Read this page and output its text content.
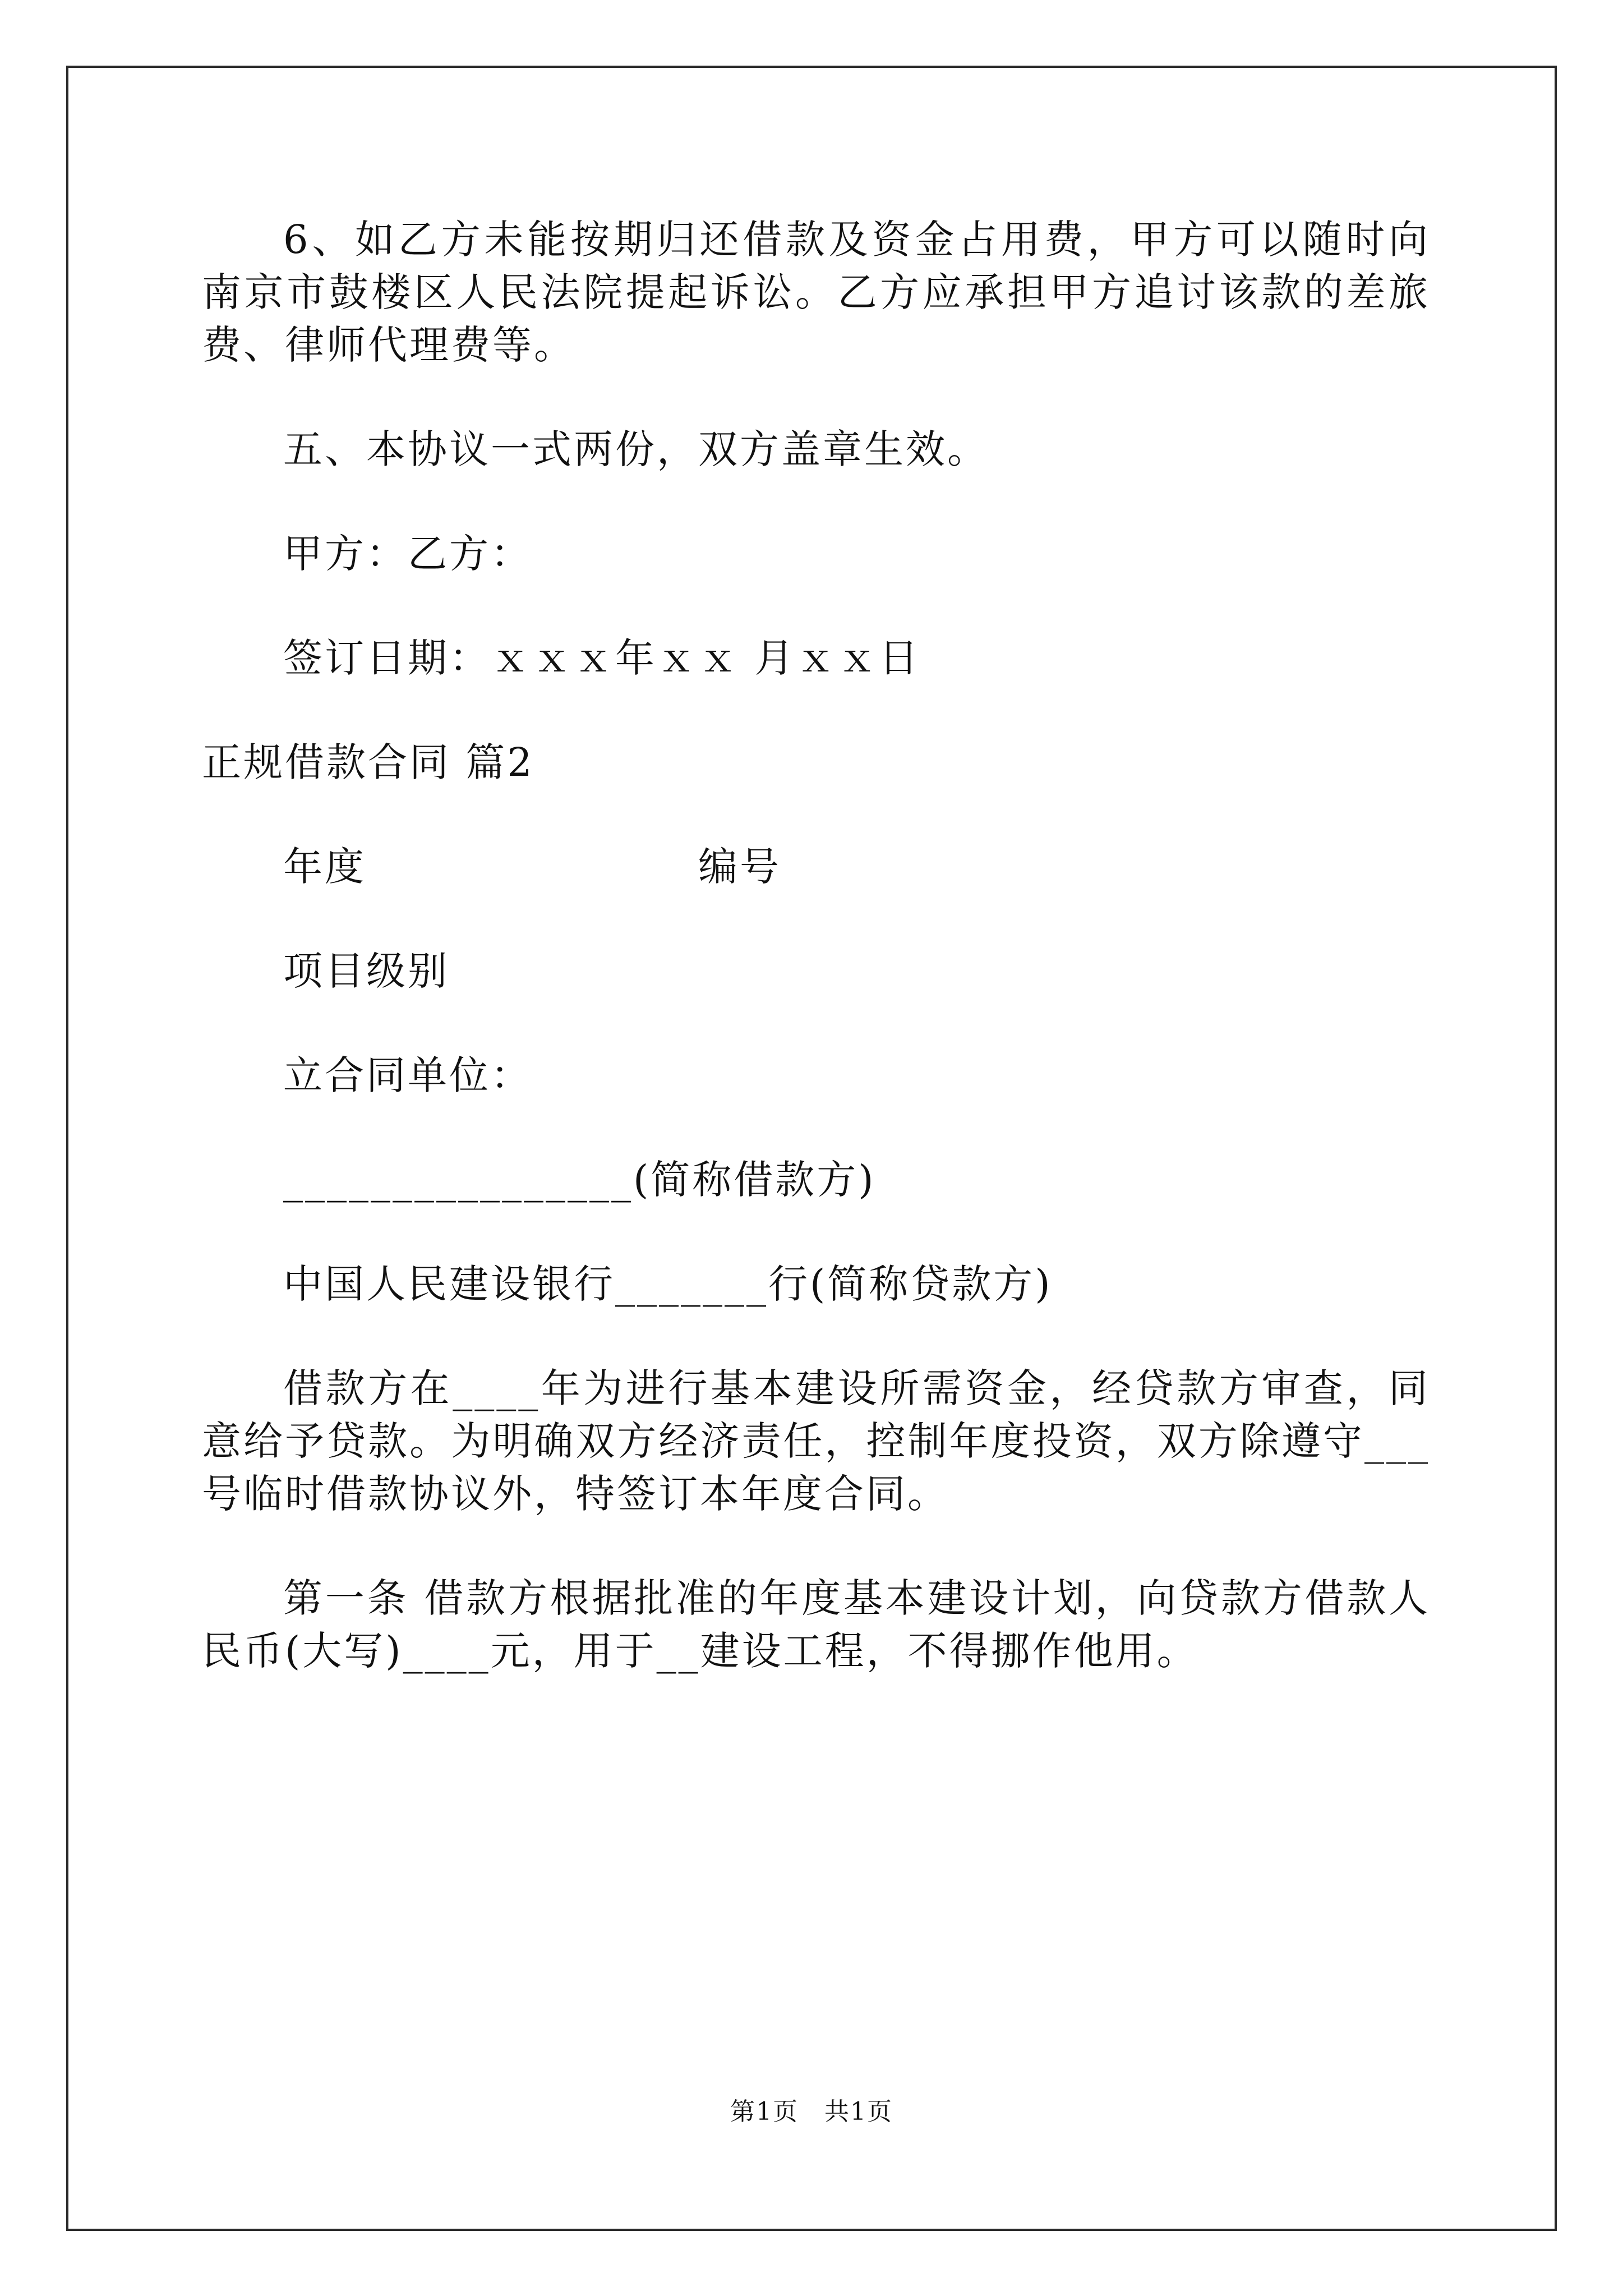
6、如乙方未能按期归还借款及资金占用费，甲方可以随时向南京市鼓楼区人民法院提起诉讼。乙方应承担甲方追讨该款的差旅费、律师代理费等。

五、本协议一式两份，双方盖章生效。

甲方：乙方：

签订日期：ｘｘｘ年ｘｘ 月ｘｘ日

正规借款合同 篇2

年度　　　　　　　　编号

项目级别

立合同单位：

________________(简称借款方)

中国人民建设银行_______行(简称贷款方)

借款方在____年为进行基本建设所需资金，经贷款方审查，同意给予贷款。为明确双方经济责任，控制年度投资，双方除遵守___号临时借款协议外，特签订本年度合同。

第一条 借款方根据批准的年度基本建设计划，向贷款方借款人民币(大写)____元，用于__建设工程，不得挪作他用。

第1页　共1页
